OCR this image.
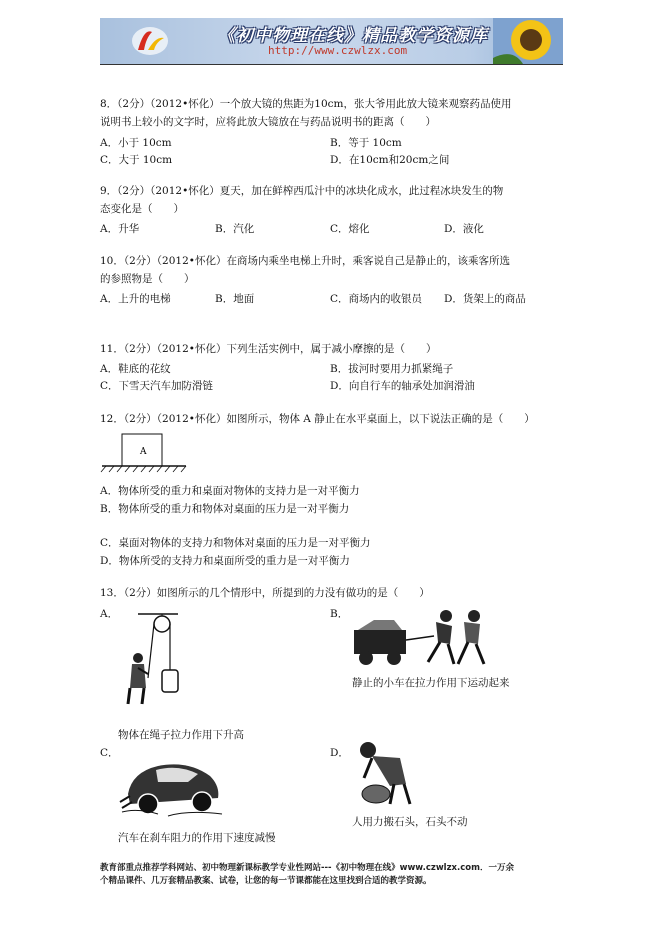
《初中物理在线》精品教学资源库
http://www.czwlzx.com
8．（2分）（2012•怀化）一个放大镜的焦距为10cm，张大爷用此放大镜来观察药品使用
说明书上较小的文字时，应将此放大镜放在与药品说明书的距离（　　）
A．小于 10cm	B．等于 10cm
C．大于 10cm	D．在10cm和20cm之间
9．（2分）（2012•怀化）夏天，加在鲜榨西瓜汁中的冰块化成水，此过程冰块发生的物
态变化是（　　）
A．升华	B．汽化	C．熔化	D．液化
10．（2分）（2012•怀化）在商场内乘坐电梯上升时，乘客说自己是静止的，该乘客所选
的参照物是（　　）
A．上升的电梯	B．地面	C．商场内的收银员 D．货架上的商品
11．（2分）（2012•怀化）下列生活实例中，属于减小摩擦的是（　　）
A．鞋底的花纹	B．拔河时要用力抓紧绳子
C．下雪天汽车加防滑链	D．向自行车的轴承处加润滑油
12．（2分）（2012•怀化）如图所示，物体 A 静止在水平桌面上，以下说法正确的是（　　）
A
A．物体所受的重力和桌面对物体的支持力是一对平衡力
B．物体所受的重力和物体对桌面的压力是一对平衡力
C．桌面对物体的支持力和物体对桌面的压力是一对平衡力
D．物体所受的支持力和桌面所受的重力是一对平衡力
13．（2分）如图所示的几个情形中，所提到的力没有做功的是（　　）
A．
物体在绳子拉力作用下升高
B．
静止的小车在拉力作用下运动起来
C．
汽车在刹车阻力的作用下速度减慢
D．
人用力搬石头，石头不动
教育部重点推荐学科网站、初中物理新课标教学专业性网站---《初中物理在线》www.czwlzx.com．一万余
个精品课件、几万套精品教案、试卷，让您的每一节课都能在这里找到合适的教学资源。
